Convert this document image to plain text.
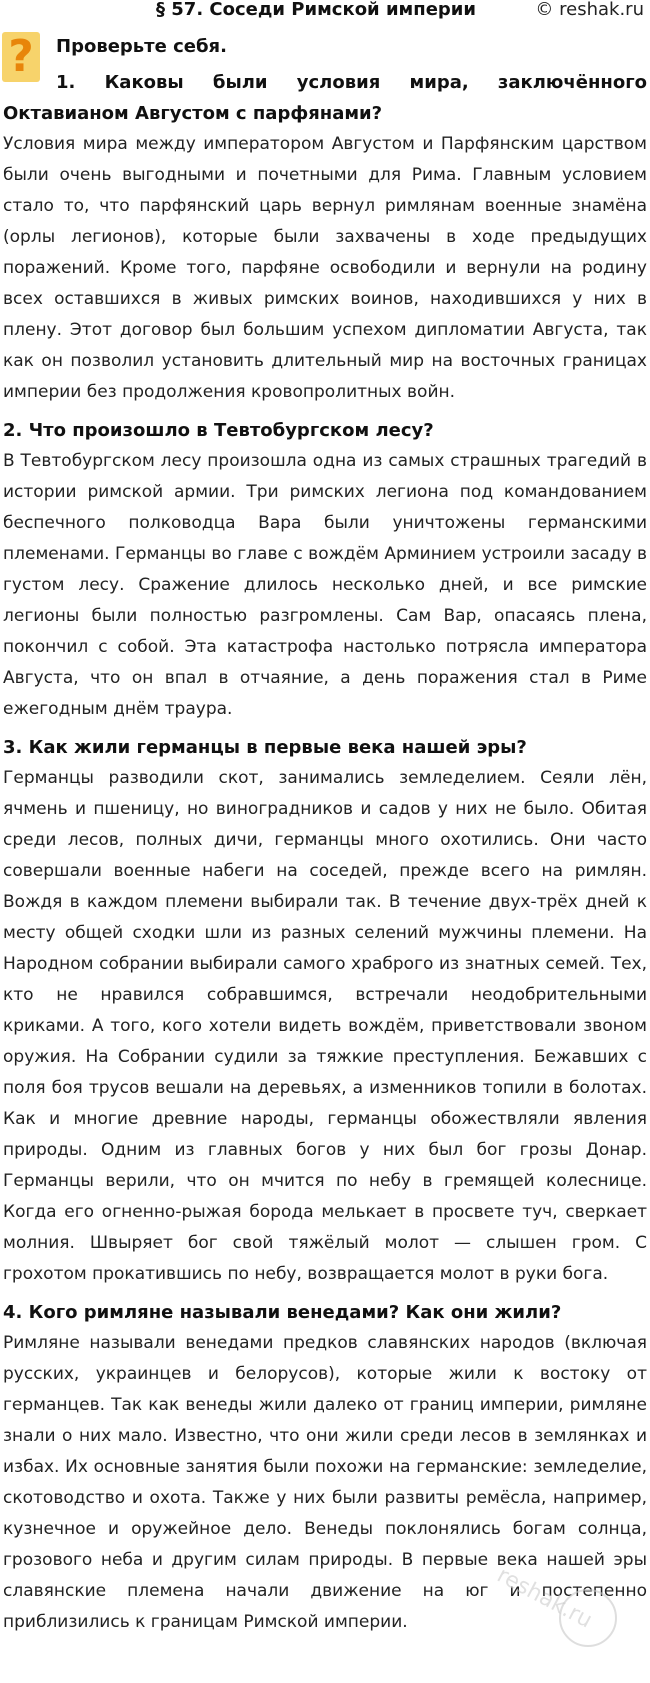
§ 57. Соседи Римской империи	© reshak.ru
?	Проверьте себя.
1. Каковы были условия мира, заключённого Октавианом Августом с парфянами?

Условия мира между императором Августом и Парфянским царством были очень выгодными и почетными для Рима. Главным условием стало то, что парфянский царь вернул римлянам военные знамёна (орлы легионов), которые были захвачены в ходе предыдущих поражений. Кроме того, парфяне освободили и вернули на родину всех оставшихся в живых римских воинов, находившихся у них в плену. Этот договор был большим успехом дипломатии Августа, так как он позволил установить длительный мир на восточных границах империи без продолжения кровопролитных войн.

2. Что произошло в Тевтобургском лесу?

В Тевтобургском лесу произошла одна из самых страшных трагедий в истории римской армии. Три римских легиона под командованием беспечного полководца Вара были уничтожены германскими племенами. Германцы во главе с вождём Арминием устроили засаду в густом лесу. Сражение длилось несколько дней, и все римские легионы были полностью разгромлены. Сам Вар, опасаясь плена, покончил с собой. Эта катастрофа настолько потрясла императора Августа, что он впал в отчаяние, а день поражения стал в Риме ежегодным днём траура.

3. Как жили германцы в первые века нашей эры?

Германцы разводили скот, занимались земледелием. Сеяли лён, ячмень и пшеницу, но виноградников и садов у них не было. Обитая среди лесов, полных дичи, германцы много охотились. Они часто совершали военные набеги на соседей, прежде всего на римлян. Вождя в каждом племени выбирали так. В течение двух-трёх дней к месту общей сходки шли из разных селений мужчины племени. На Народном собрании выбирали самого храброго из знатных семей. Тех, кто не нравился собравшимся, встречали неодобрительными криками. А того, кого хотели видеть вождём, приветствовали звоном оружия. На Собрании судили за тяжкие преступления. Бежавших с поля боя трусов вешали на деревьях, а изменников топили в болотах. Как и многие древние народы, германцы обожествляли явления природы. Одним из главных богов у них был бог грозы Донар. Германцы верили, что он мчится по небу в гремящей колеснице. Когда его огненно-рыжая борода мелькает в просвете туч, сверкает молния. Швыряет бог свой тяжёлый молот — слышен гром. С грохотом прокатившись по небу, возвращается молот в руки бога.

4. Кого римляне называли венедами? Как они жили?

Римляне называли венедами предков славянских народов (включая русских, украинцев и белорусов), которые жили к востоку от германцев. Так как венеды жили далеко от границ империи, римляне знали о них мало. Известно, что они жили среди лесов в землянках и избах. Их основные занятия были похожи на германские: земледелие, скотоводство и охота. Также у них были развиты ремёсла, например, кузнечное и оружейное дело. Венеды поклонялись богам солнца, грозового неба и другим силам природы. В первые века нашей эры славянские племена начали движение на юг и постепенно приблизились к границам Римской империи.	reshak.ru
